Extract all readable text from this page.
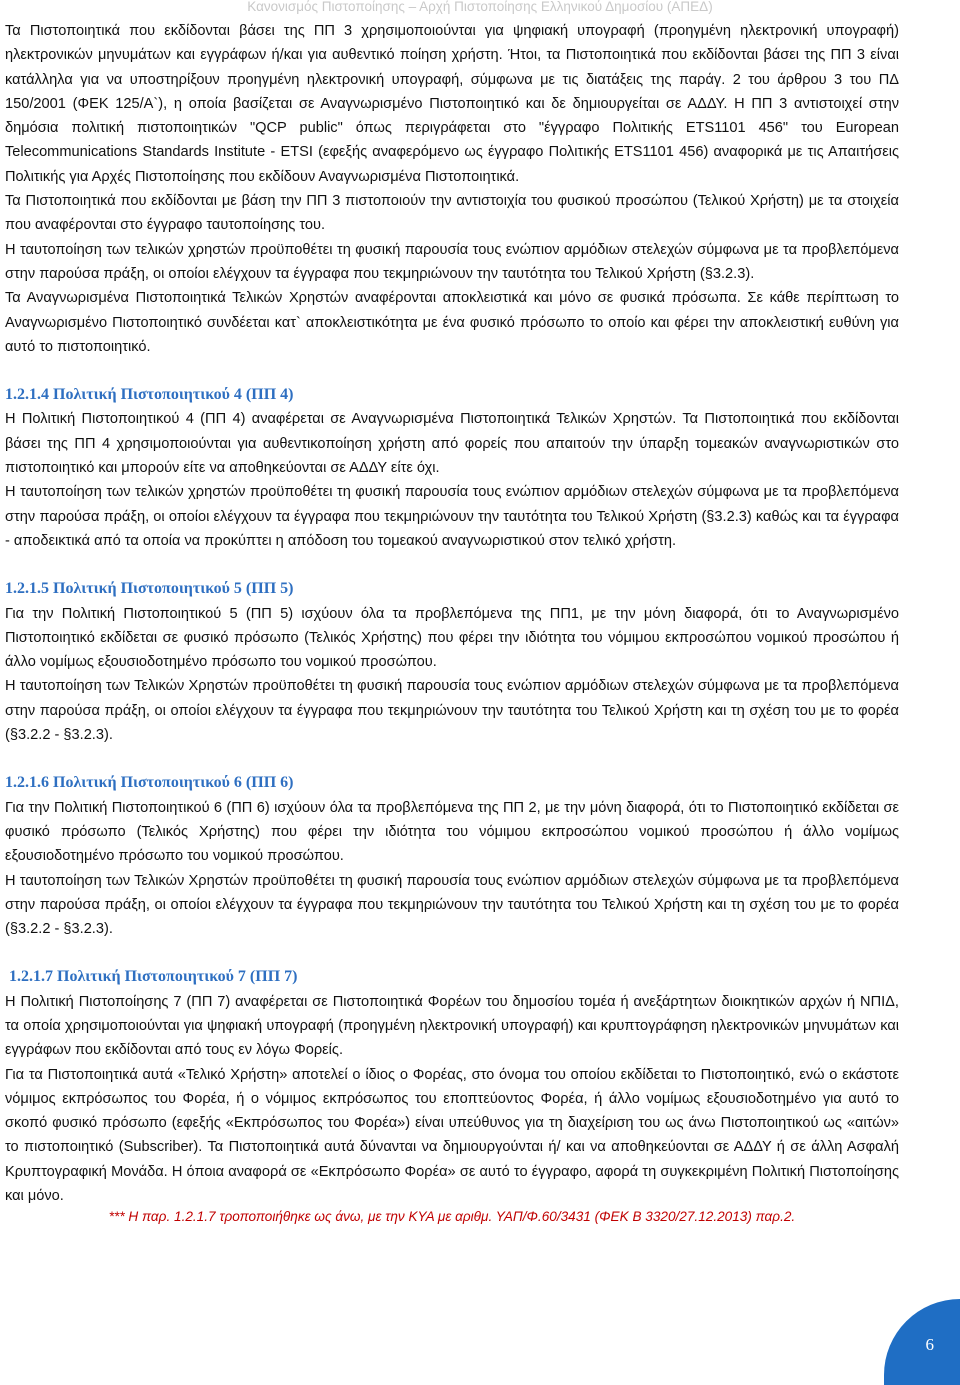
Κανονισμός Πιστοποίησης – Αρχή Πιστοποίησης Ελληνικού Δημοσίου (ΑΠΕΔ)

Τα Πιστοποιητικά που εκδίδονται βάσει της ΠΠ 3 χρησιμοποιούνται για ψηφιακή υπογραφή (προηγμένη ηλεκτρονική υπογραφή) ηλεκτρονικών μηνυμάτων και εγγράφων ή/και για αυθεντικό ποίηση χρήστη. Ήτοι, τα Πιστοποιητικά που εκδίδονται βάσει της ΠΠ 3 είναι κατάλληλα για να υποστηρίξουν προηγμένη ηλεκτρονική υπογραφή, σύμφωνα με τις διατάξεις της παράγ. 2 του άρθρου 3 του ΠΔ 150/2001 (ΦΕΚ 125/Α`), η οποία βασίζεται σε Αναγνωρισμένο Πιστοποιητικό και δε δημιουργείται σε ΑΔΔΥ. Η ΠΠ 3 αντιστοιχεί στην δημόσια πολιτική πιστοποιητικών "QCP public" όπως περιγράφεται στο "έγγραφο Πολιτικής ETS1101 456" του European Telecommunications Standards Institute - ETSI (εφεξής αναφερόμενο ως έγγραφο Πολιτικής ETS1101 456) αναφορικά με τις Απαιτήσεις Πολιτικής για Αρχές Πιστοποίησης που εκδίδουν Αναγνωρισμένα Πιστοποιητικά.

Τα Πιστοποιητικά που εκδίδονται με βάση την ΠΠ 3 πιστοποιούν την αντιστοιχία του φυσικού προσώπου (Τελικού Χρήστη) με τα στοιχεία που αναφέρονται στο έγγραφο ταυτοποίησης του.

Η ταυτοποίηση των τελικών χρηστών προϋποθέτει τη φυσική παρουσία τους ενώπιον αρμόδιων στελεχών σύμφωνα με τα προβλεπόμενα στην παρούσα πράξη, οι οποίοι ελέγχουν τα έγγραφα που τεκμηριώνουν την ταυτότητα του Τελικού Χρήστη (§3.2.3).

Τα Αναγνωρισμένα Πιστοποιητικά Τελικών Χρηστών αναφέρονται αποκλειστικά και μόνο σε φυσικά πρόσωπα. Σε κάθε περίπτωση το Αναγνωρισμένο Πιστοποιητικό συνδέεται κατ` αποκλειστικότητα με ένα φυσικό πρόσωπο το οποίο και φέρει την αποκλειστική ευθύνη για αυτό το πιστοποιητικό.

1.2.1.4 Πολιτική Πιστοποιητικού 4 (ΠΠ 4)

Η Πολιτική Πιστοποιητικού 4 (ΠΠ 4) αναφέρεται σε Αναγνωρισμένα Πιστοποιητικά Τελικών Χρηστών. Τα Πιστοποιητικά που εκδίδονται βάσει της ΠΠ 4 χρησιμοποιούνται για αυθεντικοποίηση χρήστη από φορείς που απαιτούν την ύπαρξη τομεακών αναγνωριστικών στο πιστοποιητικό και μπορούν είτε να αποθηκεύονται σε ΑΔΔΥ είτε όχι.

Η ταυτοποίηση των τελικών χρηστών προϋποθέτει τη φυσική παρουσία τους ενώπιον αρμόδιων στελεχών σύμφωνα με τα προβλεπόμενα στην παρούσα πράξη, οι οποίοι ελέγχουν τα έγγραφα που τεκμηριώνουν την ταυτότητα του Τελικού Χρήστη (§3.2.3) καθώς και τα έγγραφα - αποδεικτικά από τα οποία να προκύπτει η απόδοση του τομεακού αναγνωριστικού στον τελικό χρήστη.

1.2.1.5 Πολιτική Πιστοποιητικού 5 (ΠΠ 5)

Για την Πολιτική Πιστοποιητικού 5 (ΠΠ 5) ισχύουν όλα τα προβλεπόμενα της ΠΠ1, με την μόνη διαφορά, ότι το Αναγνωρισμένο Πιστοποιητικό εκδίδεται σε φυσικό πρόσωπο (Τελικός Χρήστης) που φέρει την ιδιότητα του νόμιμου εκπροσώπου νομικού προσώπου ή άλλο νομίμως εξουσιοδοτημένο πρόσωπο του νομικού προσώπου.

Η ταυτοποίηση των Τελικών Χρηστών προϋποθέτει τη φυσική παρουσία τους ενώπιον αρμόδιων στελεχών σύμφωνα με τα προβλεπόμενα στην παρούσα πράξη, οι οποίοι ελέγχουν τα έγγραφα που τεκμηριώνουν την ταυτότητα του Τελικού Χρήστη και τη σχέση του με το φορέα (§3.2.2 - §3.2.3).

1.2.1.6 Πολιτική Πιστοποιητικού 6 (ΠΠ 6)

Για την Πολιτική Πιστοποιητικού 6 (ΠΠ 6) ισχύουν όλα τα προβλεπόμενα της ΠΠ 2, με την μόνη διαφορά, ότι το Πιστοποιητικό εκδίδεται σε φυσικό πρόσωπο (Τελικός Χρήστης) που φέρει την ιδιότητα του νόμιμου εκπροσώπου νομικού προσώπου ή άλλο νομίμως εξουσιοδοτημένο πρόσωπο του νομικού προσώπου.

Η ταυτοποίηση των Τελικών Χρηστών προϋποθέτει τη φυσική παρουσία τους ενώπιον αρμόδιων στελεχών σύμφωνα με τα προβλεπόμενα στην παρούσα πράξη, οι οποίοι ελέγχουν τα έγγραφα που τεκμηριώνουν την ταυτότητα του Τελικού Χρήστη και τη σχέση του με το φορέα (§3.2.2 - §3.2.3).

1.2.1.7 Πολιτική Πιστοποιητικού 7 (ΠΠ 7)

Η Πολιτική Πιστοποίησης 7 (ΠΠ 7) αναφέρεται σε Πιστοποιητικά Φορέων του δημοσίου τομέα ή ανεξάρτητων διοικητικών αρχών ή ΝΠΙΔ, τα οποία χρησιμοποιούνται για ψηφιακή υπογραφή (προηγμένη ηλεκτρονική υπογραφή) και κρυπτογράφηση ηλεκτρονικών μηνυμάτων και εγγράφων που εκδίδονται από τους εν λόγω Φορείς.

Για τα Πιστοποιητικά αυτά «Τελικό Χρήστη» αποτελεί ο ίδιος ο Φορέας, στο όνομα του οποίου εκδίδεται το Πιστοποιητικό, ενώ ο εκάστοτε νόμιμος εκπρόσωπος του Φορέα, ή ο νόμιμος εκπρόσωπος του εποπτεύοντος Φορέα, ή άλλο νομίμως εξουσιοδοτημένο για αυτό το σκοπό φυσικό πρόσωπο (εφεξής «Εκπρόσωπος του Φορέα») είναι υπεύθυνος για τη διαχείριση του ως άνω Πιστοποιητικού ως «αιτών» το πιστοποιητικό (Subscriber). Τα Πιστοποιητικά αυτά δύνανται να δημιουργούνται ή/ και να αποθηκεύονται σε ΑΔΔΥ ή σε άλλη Ασφαλή Κρυπτογραφική Μονάδα. Η όποια αναφορά σε «Εκπρόσωπο Φορέα» σε αυτό το έγγραφο, αφορά τη συγκεκριμένη Πολιτική Πιστοποίησης και μόνο.

*** Η παρ. 1.2.1.7 τροποποιήθηκε ως άνω, με την ΚΥΑ με αριθμ. ΥΑΠ/Φ.60/3431 (ΦΕΚ Β 3320/27.12.2013) παρ.2.

6
